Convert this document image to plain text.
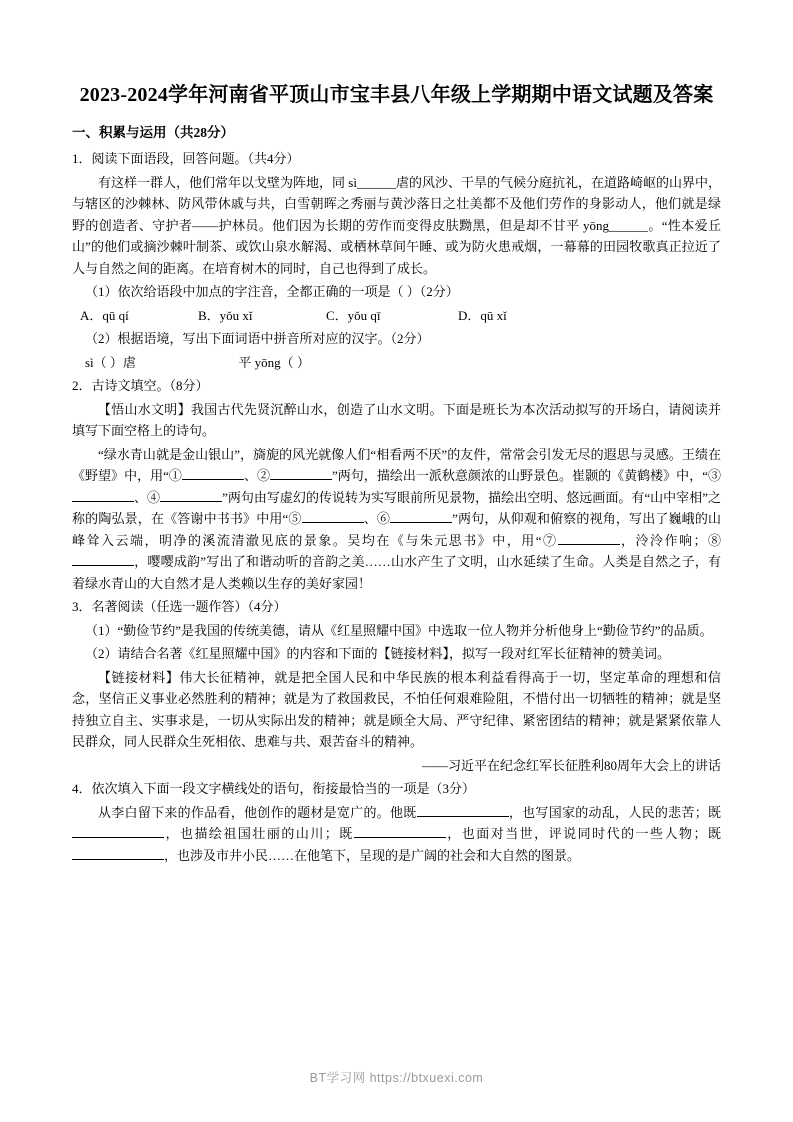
2023-2024学年河南省平顶山市宝丰县八年级上学期期中语文试题及答案
一、积累与运用（共28分）

1．阅读下面语段，回答问题。（共4分）

有这样一群人，他们常年以戈壁为阵地，同 sì______虐的风沙、干旱的气候分庭抗礼，在道路崎岖的山界中，与辖区的沙棘林、防风带休戚与共，白雪朝晖之秀丽与黄沙落日之壮美都不及他们劳作的身影动人，他们就是绿野的创造者、守护者——护林员。他们因为长期的劳作而变得皮肤黝黑，但是却不甘平 yōng______。“性本爱丘山”的他们或摘沙棘叶制茶、或饮山泉水解渴、或栖林草间午睡、或为防火患戒烟，一幕幕的田园牧歌真正拉近了人与自然之间的距离。在培育树木的同时，自己也得到了成长。

（1）依次给语段中加点的字注音，全都正确的一项是（ ）（2分）

A．qū qí	B．yǒu xǐ	C．yǒu qī	D．qū xǐ

（2）根据语境，写出下面词语中拼音所对应的汉字。（2分）

sì（ ）虐	平 yōng（ ）

2．古诗文填空。（8分）

【悟山水文明】我国古代先贤沉醉山水，创造了山水文明。下面是班长为本次活动拟写的开场白，请阅读并填写下面空格上的诗句。

“绿水青山就是金山银山”，旖旎的风光就像人们“相看两不厌”的友件，常常会引发无尽的遐思与灵感。王绩在《野望》中，用“①	、②	”两句，描绘出一派秋意颜浓的山野景色。崔颢的《黄鹤楼》中，“③、④	”两句由写虚幻的传说转为实写眼前所见景物，描绘出空明、悠远画面。有“山中宰相”之称的陶弘景，在《答谢中书书》中用“⑤	、⑥	”两句，从仰观和俯察的视角，写出了巍峨的山峰耸入云端，明净的溪流清澈见底的景象。吴均在《与朱元思书》中，用“⑦	，泠泠作响；⑧，嘤嘤成韵”写出了和谐动听的音韵之美……山水产生了文明，山水延续了生命。人类是自然之子，有着绿水青山的大自然才是人类赖以生存的美好家园！

3．名著阅读（任选一题作答）（4分）

（1）“勤俭节约”是我国的传统美德，请从《红星照耀中国》中选取一位人物并分析他身上“勤俭节约”的品质。

（2）请结合名著《红星照耀中国》的内容和下面的【链接材料】，拟写一段对红军长征精神的赞美词。

【链接材料】伟大长征精神，就是把全国人民和中华民族的根本利益看得高于一切，坚定革命的理想和信念，坚信正义事业必然胜利的精神；就是为了救国救民，不怕任何艰难险阻，不惜付出一切牺牲的精神；就是坚持独立自主、实事求是，一切从实际出发的精神；就是顾全大局、严守纪律、紧密团结的精神；就是紧紧依靠人民群众，同人民群众生死相依、患难与共、艰苦奋斗的精神。

——习近平在纪念红军长征胜利80周年大会上的讲话

4．依次填入下面一段文字横线处的语句，衔接最恰当的一项是（3分）

从李白留下来的作品看，他创作的题材是宽广的。他既	，也写国家的动乱，人民的悲苦；既，也描绘祖国壮丽的山川；既	，也面对当世，评说同时代的一些人物；既，也涉及市井小民……在他笔下，呈现的是广阔的社会和大自然的图景。

BT学习网 https://btxuexi.com
